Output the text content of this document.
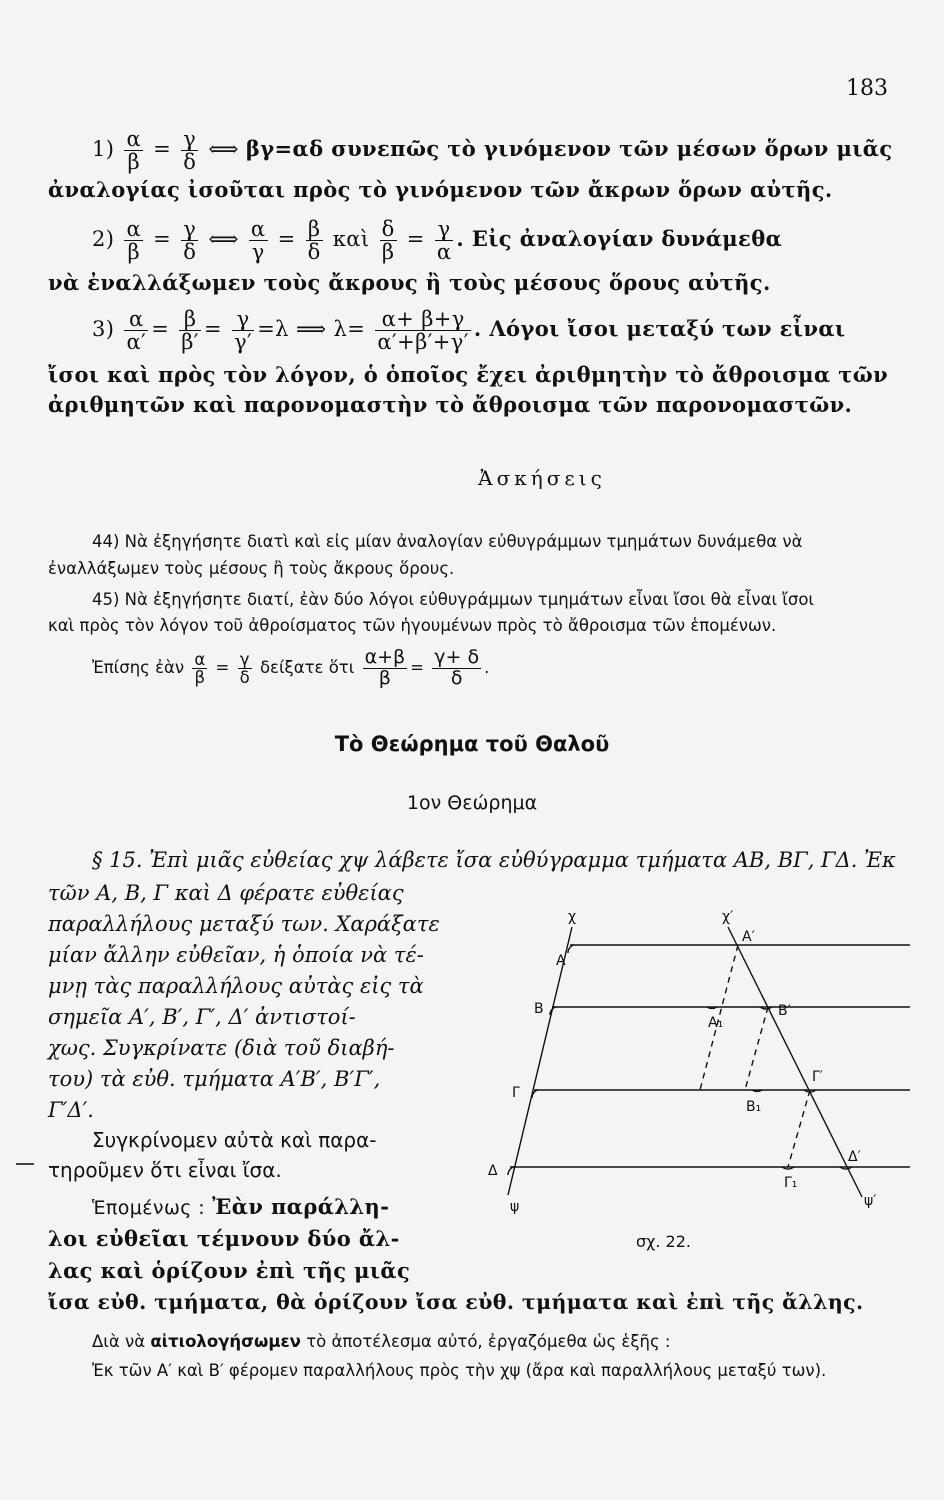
183
$1) \frac{\alpha}{\beta} = \frac{\gamma}{\delta}$ ⟺ βγ=αδ συνεπῶς τὸ γινόμενον τῶν μέσων ὅρων μιᾶς
ἀναλογίας ἰσοῦται πρὸς τὸ γινόμενον τῶν ἄκρων ὅρων αὐτῆς.
$2) \frac{\alpha}{\beta} = \frac{\gamma}{\delta}$ ⟺ $\frac{\alpha}{\gamma} = \frac{\beta}{\delta}$ καὶ $\frac{\delta}{\beta} = \frac{\gamma}{\alpha}$ . Εἰς ἀναλογίαν δυνάμεθα
νὰ ἐναλλάξωμεν τοὺς ἄκρους ἢ τοὺς μέσους ὅρους αὐτῆς.
$3) \frac{\alpha}{\alpha'} = \frac{\beta}{\beta'} = \frac{\gamma}{\gamma'} =\lambda$ ⟹ $\lambda= \frac{\alpha+ \beta+\gamma}{\alpha'+\beta'+\gamma'}$ . Λόγοι ἴσοι μεταξύ των εἶναι
ἴσοι καὶ πρὸς τὸν λόγον, ὁ ὁποῖος ἔχει ἀριθμητὴν τὸ ἄθροισμα τῶν
ἀριθμητῶν καὶ παρονομαστὴν τὸ ἄθροισμα τῶν παρονομαστῶν.
Ἀσκήσεις
44) Νὰ ἐξηγήσητε διατὶ καὶ εἰς μίαν ἀναλογίαν εὐθυγράμμων τμημάτων δυνάμεθα νὰ
ἐναλλάξωμεν τοὺς μέσους ἢ τοὺς ἄκρους ὅρους.
45) Νὰ ἐξηγήσητε διατί, ἐὰν δύο λόγοι εὐθυγράμμων τμημάτων εἶναι ἴσοι θὰ εἶναι ἴσοι
καὶ πρὸς τὸν λόγον τοῦ ἀθροίσματος τῶν ἡγουμένων πρὸς τὸ ἄθροισμα τῶν ἑπομένων.
Ἐπίσης ἐὰν $\frac{\alpha}{\beta} = \frac{\gamma}{\delta}$ δείξατε ὅτι $\frac{\alpha+\beta}{\beta} = \frac{\gamma+ \delta}{\delta}$ .
Τὸ Θεώρημα τοῦ Θαλοῦ
1ον Θεώρημα
§ 15. Ἐπὶ μιᾶς εὐθείας χψ λάβετε ἴσα εὐθύγραμμα τμήματα ΑΒ, ΒΓ, ΓΔ. Ἐκ
τῶν Α, Β, Γ καὶ Δ φέρατε εὐθείας
παραλλήλους μεταξύ των. Χαράξατε
μίαν ἄλλην εὐθεῖαν, ἡ ὁποία νὰ τέ-
μνῃ τὰς παραλλήλους αὐτὰς εἰς τὰ
σημεῖα Α′, Β′, Γ′, Δ′ ἀντιστοί-
χως. Συγκρίνατε (διὰ τοῦ διαβή-
του) τὰ εὐθ. τμήματα Α′Β′, Β′Γ′,
Γ′Δ′.
Συγκρίνομεν αὐτὰ καὶ παρα-
τηροῦμεν ὅτι εἶναι ἴσα.
Ἑπομένως : Ἐὰν παράλλη-
λοι εὐθεῖαι τέμνουν δύο ἄλ-
λας καὶ ὁρίζουν ἐπὶ τῆς μιᾶς
ἴσα εὐθ. τμήματα, θὰ ὁρίζουν ἴσα εὐθ. τμήματα καὶ ἐπὶ τῆς ἄλλης.
Διὰ νὰ αἰτιολογήσωμεν τὸ ἀποτέλεσμα αὐτό, ἐργαζόμεθα ὡς ἑξῆς :
Ἐκ τῶν Α′ καὶ Β′ φέρομεν παραλλήλους πρὸς τὴν χψ (ἄρα καὶ παραλλήλους μεταξύ των).
χ	χ′
Α
Α′
Β	Β′
Α₁
Γ
Γ′
Β₁
Δ
Δ′
Γ₁
ψ	ψ′
σχ. 22.
